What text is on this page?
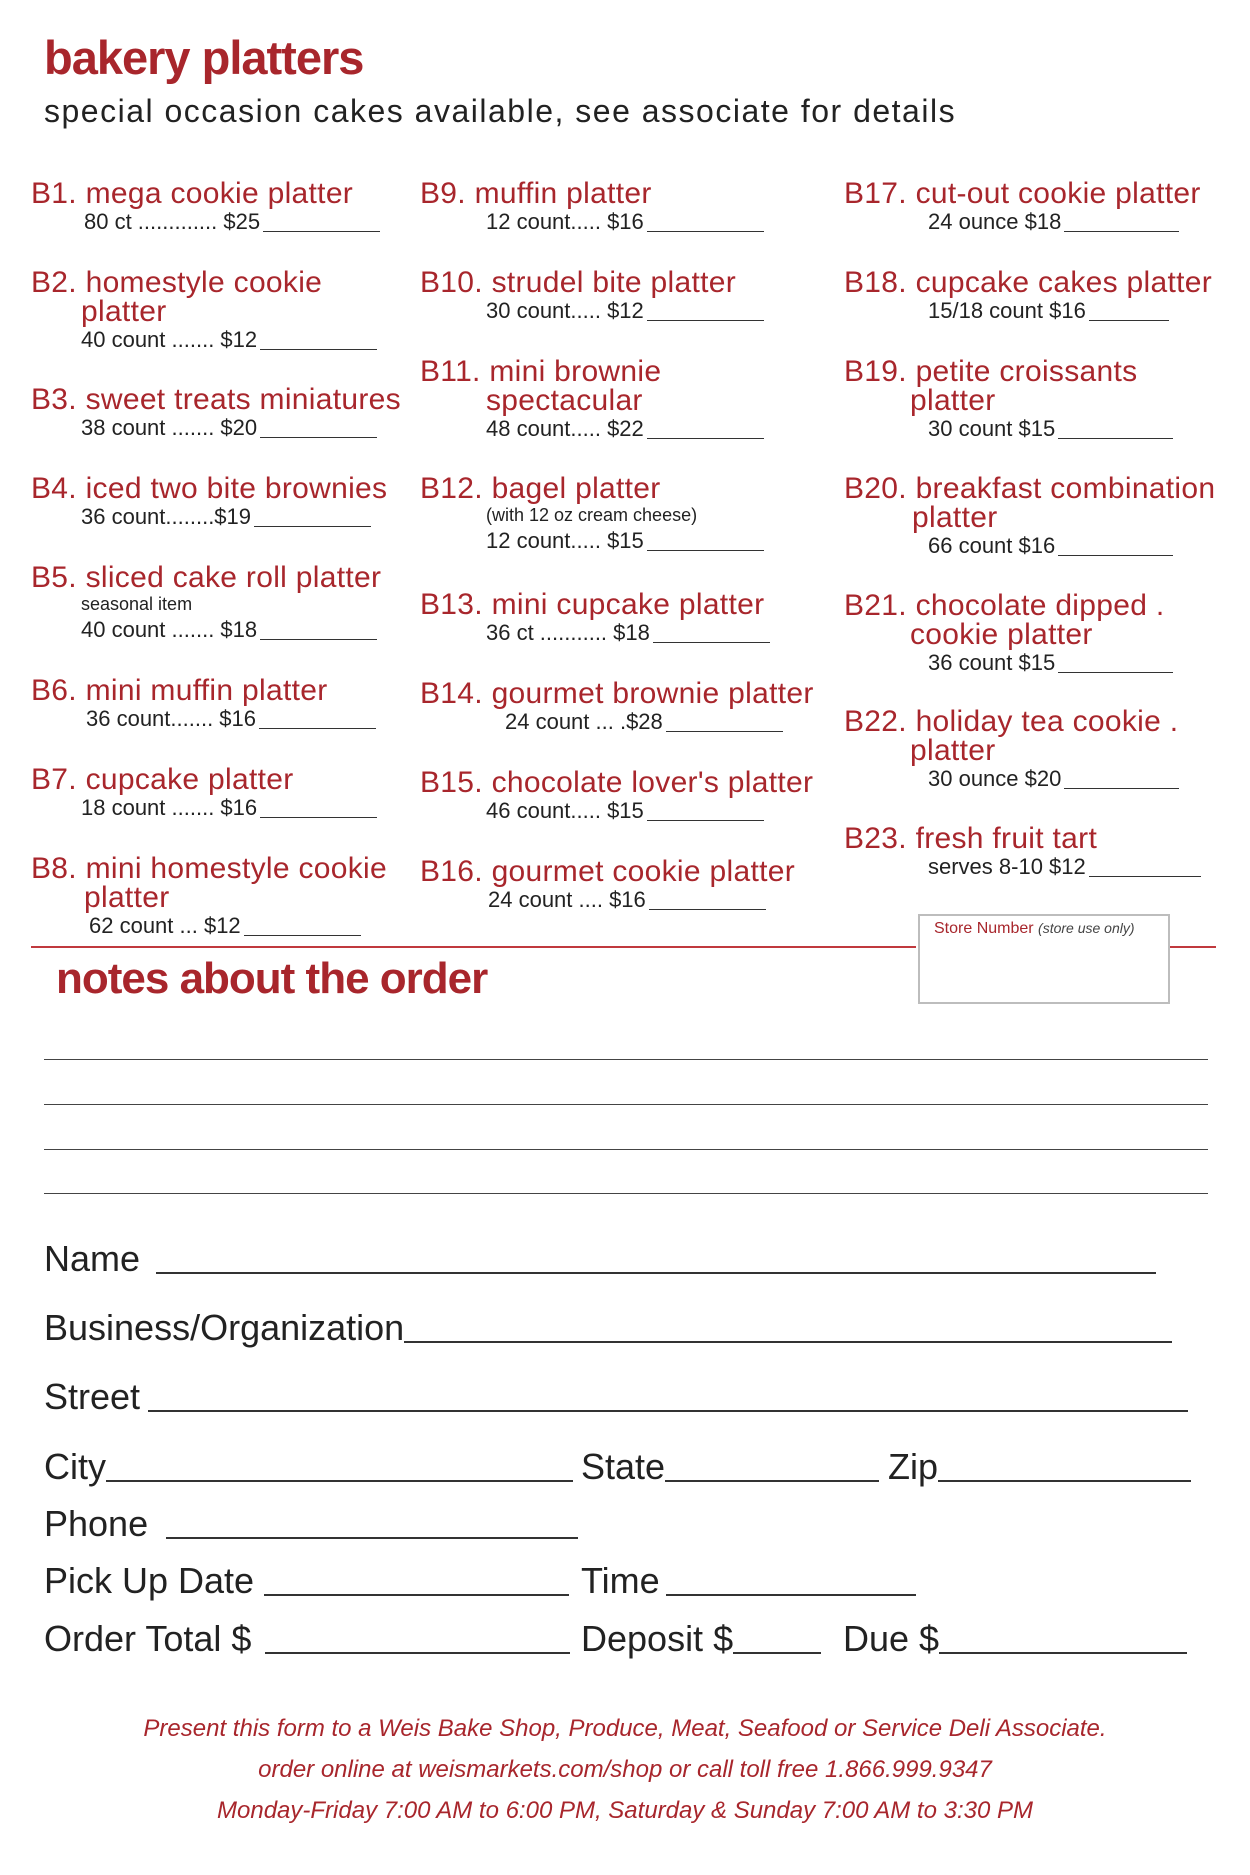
bakery platters
special occasion cakes available, see associate for details
B1. mega cookie platter
80 ct ............. $25
B2. homestyle cookie
platter
40 count ....... $12
B3. sweet treats miniatures
38 count ....... $20
B4. iced two bite brownies
36 count........$19
B5. sliced cake roll platter
seasonal item
40 count ....... $18
B6. mini muffin platter
36 count....... $16
B7. cupcake platter
18 count ....... $16
B8. mini homestyle cookie
platter
62 count ... $12
B9. muffin platter
12 count..... $16
B10. strudel bite platter
30 count..... $12
B11. mini brownie
spectacular
48 count..... $22
B12. bagel platter
(with 12 oz cream cheese)
12 count..... $15
B13. mini cupcake platter
36 ct ........... $18
B14. gourmet brownie platter
24 count ... .$28
B15. chocolate lover's platter
46 count..... $15
B16. gourmet cookie platter
24 count .... $16
B17. cut-out cookie platter
24 ounce $18
B18. cupcake cakes platter
15/18 count $16
B19. petite croissants
platter
30 count $15
B20. breakfast combination
platter
66 count $16
B21. chocolate dipped .
cookie platter
36 count $15
B22. holiday tea cookie .
platter
30 ounce $20
B23. fresh fruit tart
serves 8-10 $12
Store Number (store use only)
notes about the order
Name
Business/Organization
Street
City	State	Zip
Phone
Pick Up Date	Time
Order Total $	Deposit $	Due $
Present this form to a Weis Bake Shop, Produce, Meat, Seafood or Service Deli Associate.
order online at weismarkets.com/shop or call toll free 1.866.999.9347
Monday-Friday 7:00 AM to 6:00 PM, Saturday & Sunday 7:00 AM to 3:30 PM
